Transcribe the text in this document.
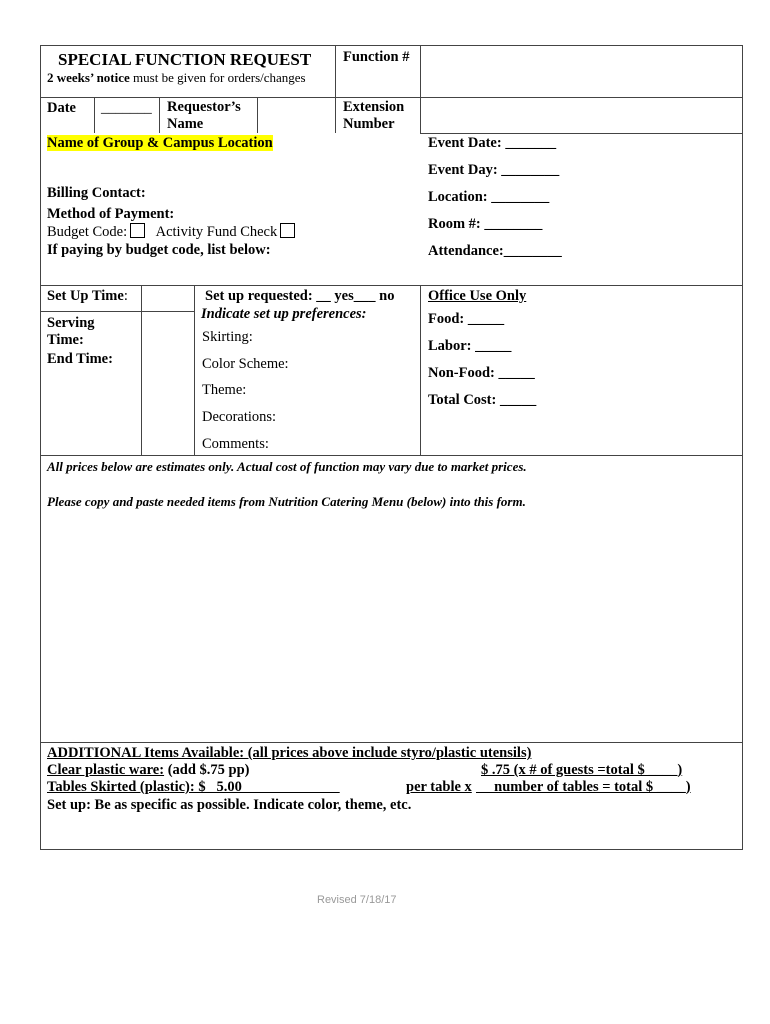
SPECIAL FUNCTION REQUEST
2 weeks’ notice must be given for orders/changes
Function #
Date _______ Requestor’s
Name
Extension
Number
Name of Group & Campus Location
Billing Contact:
Method of Payment:
Budget Code: Activity Fund Check
If paying by budget code, list below:
Event Date: _______
Event Day: ________
Location: ________
Room #: ________
Attendance:________
Set Up Time:
Serving
Time:
End Time:
Set up requested: __ yes___ no
Indicate set up preferences:
Skirting:
Color Scheme:
Theme:
Decorations:
Comments:
Office Use Only
Food: _____
Labor: _____
Non-Food: _____
Total Cost: _____
All prices below are estimates only. Actual cost of function may vary due to market prices.
Please copy and paste needed items from Nutrition Catering Menu (below) into this form.
ADDITIONAL Items Available: (all prices above include styro/plastic utensils)
Clear plastic ware: (add $.75 pp)	$ .75 (x # of guests =total $ ____)
Tables Skirted (plastic): $   5.00	per table x number of tables = total $ ____)
Set up: Be as specific as possible. Indicate color, theme, etc.
Revised 7/18/17
